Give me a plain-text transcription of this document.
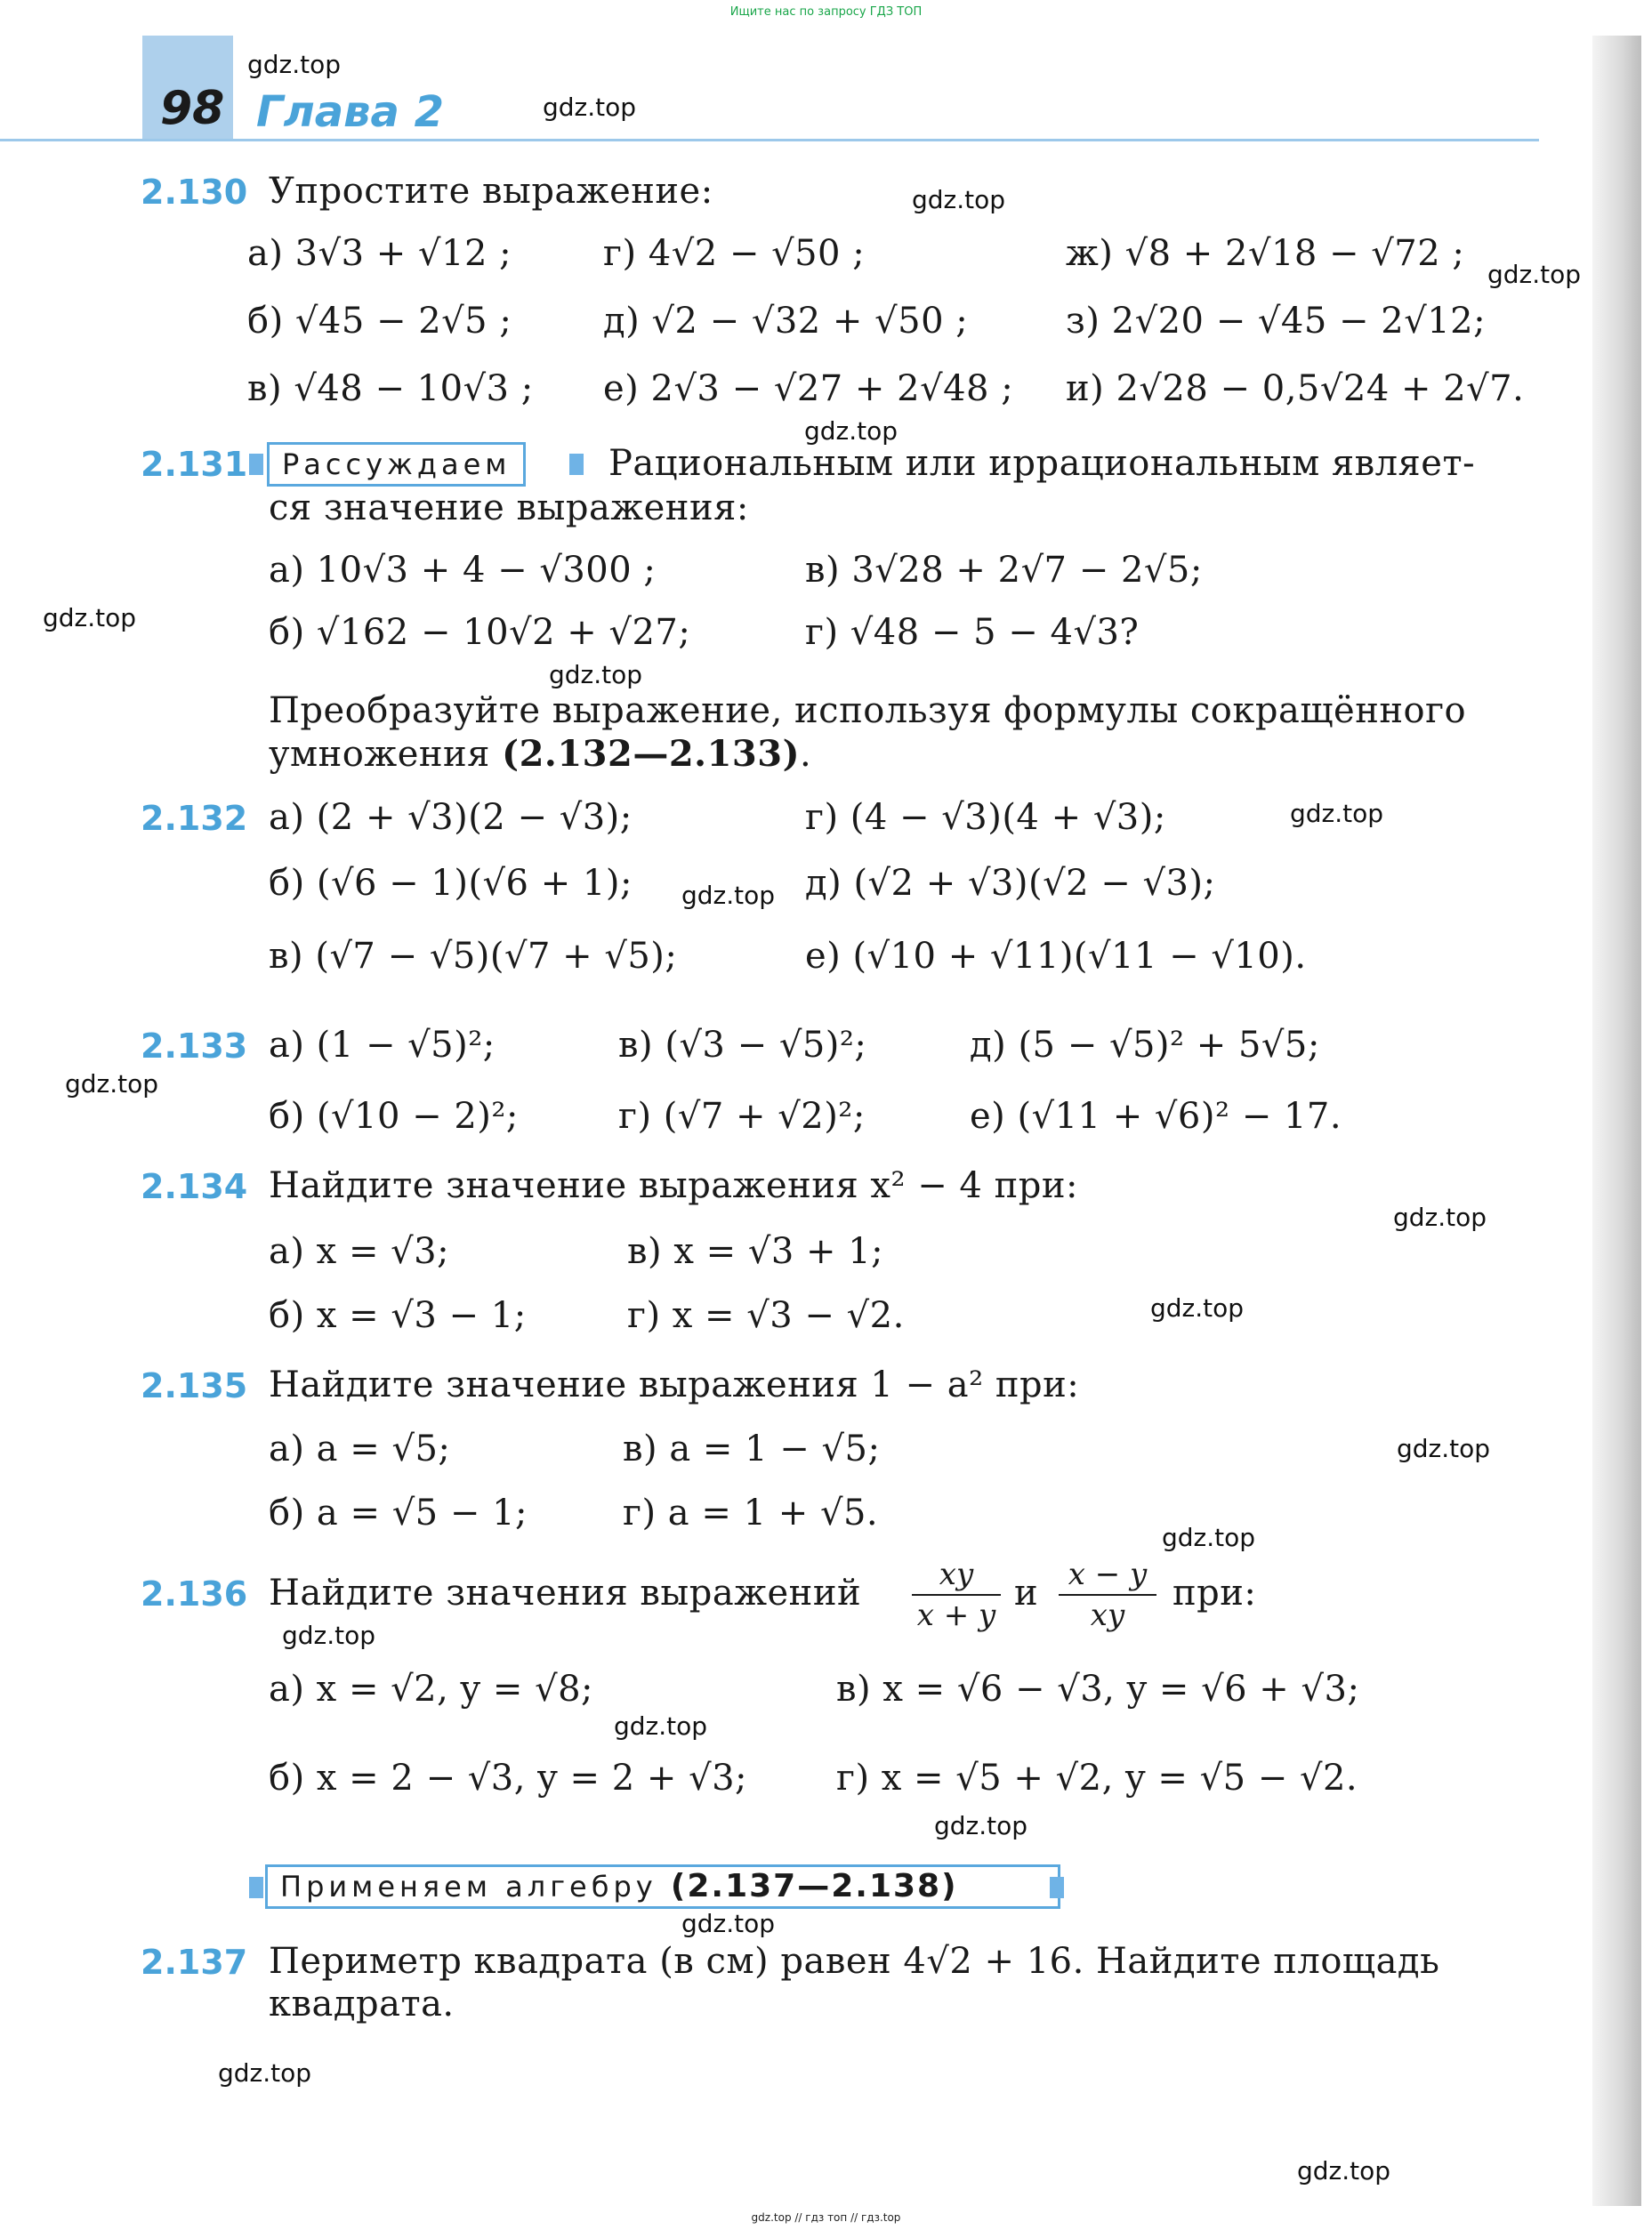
Ищите нас по запросу ГДЗ ТОП
98 Глава 2
2.130 Упростите выражение:
а) 3√3 + √12 ;	г) 4√2 − √50 ;	ж) √8 + 2√18 − √72 ;
б) √45 − 2√5 ;	д) √2 − √32 + √50 ;	з) 2√20 − √45 − 2√12;
в) √48 − 10√3 ; е) 2√3 − √27 + 2√48 ; и) 2√28 − 0,5√24 + 2√7.
2.131	Рассуждаем	Рациональным или иррациональным являет-
ся значение выражения:
а) 10√3 + 4 − √300 ;	в) 3√28 + 2√7 − 2√5;
б) √162 − 10√2 + √27;	г) √48 − 5 − 4√3?
Преобразуйте выражение, используя формулы сокращённого
умножения (2.132—2.133).
2.132 а) (2 + √3)(2 − √3);	г) (4 − √3)(4 + √3);
б) (√6 − 1)(√6 + 1);	д) (√2 + √3)(√2 − √3);
в) (√7 − √5)(√7 + √5);	е) (√10 + √11)(√11 − √10).
2.133 а) (1 − √5)²;	в) (√3 − √5)²;	д) (5 − √5)² + 5√5;
б) (√10 − 2)²;	г) (√7 + √2)²;	е) (√11 + √6)² − 17.
2.134 Найдите значение выражения x² − 4 при:
а) x = √3;	в) x = √3 + 1;
б) x = √3 − 1;	г) x = √3 − √2.
2.135 Найдите значение выражения 1 − a² при:
а) a = √5;	в) a = 1 − √5;
б) a = √5 − 1;	г) a = 1 + √5.
2.136 Найдите значения выражений	xy
x + y
и x − y
xy
при:
а) x = √2, y = √8;	в) x = √6 − √3, y = √6 + √3;
б) x = 2 − √3, y = 2 + √3; г) x = √5 + √2, y = √5 − √2.
Применяем алгебру (2.137—2.138)
2.137 Периметр квадрата (в см) равен 4√2 + 16. Найдите площадь
квадрата.
gdz.top
gdz.top
gdz.top
gdz.top
gdz.top
gdz.top
gdz.top
gdz.top
gdz.top
gdz.top
gdz.top
gdz.top
gdz.top
gdz.top
gdz.top
gdz.top
gdz.top
gdz.top
gdz.top
gdz.top
gdz.top // гдз топ // гдз.top
